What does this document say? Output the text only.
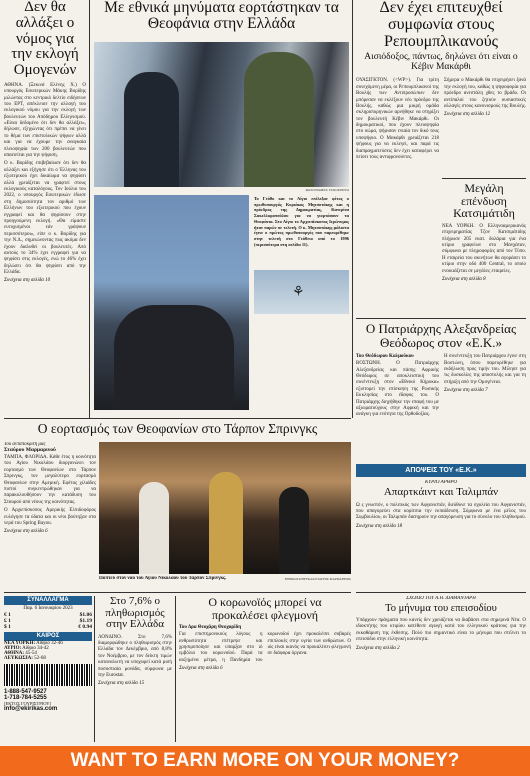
Δεν θα αλλάξει ο νόμος για την εκλογή Ομογενών

ΑΘΗΝΑ. (Ξεκινά Ελένης Χ.) Ο υπουργός Εσωτερικών Μάκης Βορίδης μιλώντας στο κεντρικό δελτίο ειδήσεων του ΕΡΤ, απέκλεισε την αλλαγή του εκλογικού νόμου για την εκλογή των βουλευτών του Απόδημου Ελληνισμού. «Είναι δεδομένο ότι δεν θα αλλάξει», δήλωσε, εξηγώντας ότι πρέπει να γίνει το θέμα των επιστολικών ψήφων αλλά και για να έχουμε την αναγκαία πλειοψηφία των 200 βουλευτών που απαιτείται για την ψήφιση.

Ο κ. Βορίδης επιβεβαίωσε ότι δεν θα αλλάξει και εξήγησε ότι ο Έλληνας του εξωτερικού έχει δικαίωμα να ψηφίσει αλλά χρειάζεται να γραφτεί στους εκλογικούς καταλόγους. Τον Ιούλιο του 2022, ο υπουργός Εσωτερικών έδωσε στη δημοσιότητα τον αριθμό των Ελλήνων του εξωτερικού που έχουν εγγραφεί και θα ψηφίσουν στην προηγούμενη εκλογή. «Θα είμαστε ευτυχισμένοι εάν γράψουν περισσότεροι», είπε ο κ. Βορίδης για την Ν.Δ., σημειώνοντας πως ακόμα δεν έχουν διαλυθεί οι βουλευτές. Από αυτούς το 34% έχει εγγραφεί για να ψηφίσει στις εκλογές, ενώ το 46% έχει δηλώσει ότι θα ψηφίσει από την Ελλάδα.

Συνέχεια στη σελίδα 10

Με εθνικά μηνύματα εορτάστηκαν τα Θεοφάνια στην Ελλάδα
ΦΩΤΟΓΡΑΦΙΕΣ: EUROKINISSI
⚘

Το Γεύθο και το Αίγιο επέλεξαν φέτος ο πρωθυπουργός Κυριάκος Μητσοτάκης και η πρόεδρος της Δημοκρατίας, Κατερίνα Σακελλαροπούλου για να γιορτάσουν τα Θεοφάνια. Στο Αίγιο το Αρχιεπίσκοπος Ιερώνυμος ήταν παρών σε τελετή. Ο κ. Μητσοτάκης μάλιστα έγινε ο πρώτος πρωθυπουργός που παρευρέθηκε στην τελετή στο Γεύθειο από το 1996 (περισσότερα στη σελίδα 11).

Δεν έχει επιτευχθεί συμφωνία στους Ρεπουμπλικανούς

Αισιόδοξος, πάντως, δηλώνει ότι είναι ο Κέβιν Μακάρθι

ΟΥΑΣΙΓΚΤΟΝ. (<WP>). Για τρίτη συνεχόμενη μέρα, οι Ρεπουμπλικανοί της Βουλής των Αντιπροσώπων δεν μπόρεσαν να εκλέξουν νέο πρόεδρο της Βουλής, καθώς μια μικρή ομάδα σκληροπυρηνικών αρνήθηκε να στηρίξει τον βουλευτή Κέβιν Μακάρθι. Οι δημοκρατικοί, που έχουν πλειοψηφία στο σώμα, ψήφισαν ενιαία τον δικό τους υποψήφιο. Ο Μακάρθι χρειάζεται 218 ψήφους για να εκλεγεί, και παρά τις διαπραγματεύσεις δεν έχει καταφέρει να πείσει τους αντιφρονούντες.

Σήμερα ο Μακάρθι θα επιχειρήσει ξανά την εκλογή του, καθώς η ψηφοφορία για πρόεδρο ανεστάλη χθες το βράδυ. Οι αντίπαλοί του ζητούν ουσιαστικές αλλαγές στους κανονισμούς της Βουλής.

Συνέχεια στη σελίδα 12

Μεγάλη επένδυση Κατσιμάτιδη

ΝΕΑ ΥΟΡΚΗ. Ο Ελληνοαμερικανός επιχειρηματίας Τζον Κατσιμάτιδης πλήρωσε 205 εκατ. δολάρια για ένα κτίριο γραφείων στο Μανχάταν, σύμφωνα με πληροφορίες από τον Τύπο. Η εταιρεία του ακινήτων θα αγοράσει το κτίριο στην οδό 400 Central, το οποίο ενοικιάζεται σε μεγάλες εταιρείες.

Συνέχεια στη σελίδα 8

Ο Πατριάρχης Αλεξανδρείας Θεόδωρος στον «Ε.Κ.»

Του Θεόδωρου Καλμούκου

ΒΟΣΤΩΝΗ. Ο Πατριάρχης Αλεξανδρείας και πάσης Αφρικής Θεόδωρος σε αποκλειστική του συνέντευξη στον «Εθνικό Κήρυκα» εξιστορεί την επίσκεψη της Ρωσικής Εκκλησίας στο έδαφος του. Ο Πατριάρχης διηγήθηκε την επαφή του με αξιωματούχους στην Αφρική και την ανάγκη για ενότητα της Ορθοδοξίας.

Η συνέντευξη του Πατριάρχου έγινε στη Βοστώνη, όπου παρευρέθηκε για εκδήλωση προς τιμήν του. Μίλησε για τις δυσκολίες της αποστολής και για τη στήριξη από την Ομογένεια.

Συνέχεια στη σελίδα 7

Ο εορτασμός των Θεοφανίων στο Τάρπον Σπρινγκς

Του ανταποκριτή μας

Σταύρου Μαρμαρινού

ΤΑΜΠΑ, ΦΛΟΡΙΔΑ. Κάθε έτος η κοινότητα του Αγίου Νικολάου διοργανώνει τον εορτασμό των Θεοφανίων στο Τάρπον Σπρινγκς, τον μεγαλύτερο εορτασμό Θεοφανίων στην Αμερική. Εφέτος χιλιάδες πιστοί συγκεντρώθηκαν για να παρακολουθήσουν την κατάδυση του Σταυρού από νέους της κοινότητας.

Ο Αρχιεπίσκοπος Αμερικής Ελπιδοφόρος ευλόγησε τα ύδατα και οι νέοι βούτηξαν στα νερά του Spring Bayou.

Συνέχεια στη σελίδα 6

Ποπτεύ στον ναό του Αγίου Νικολάου του Τάρπον Σπρινγκς.	ΕΘΝΙΚΟΣ ΚΗΡΥΚΑΣ/ΣΤΑΥΡΟΣ ΜΑΡΜΑΡΙΝΟΣ

ΑΠΟΨΕΙΣ ΤΟΥ «Ε.Κ.»

ΚΥΡΙΟ ΑΡΘΡΟ

Απαρτκάιντ και Ταλιμπάν

Ω ς γνωστόν, ο πολιτικός των Αφγανιστάν, διεύθυνε τα σχολεία του Αφγανιστάν, που απαγορεύει στα κορίτσια την εκπαίδευση. Σύμφωνα με ένα μέλος του Συμβουλίου, οι Ταλιμπάν διατηρούν την απαγόρευση για το σύνολο του πληθυσμού.

Συνέχεια στη σελίδα 18

ΣΥΝΑΛΛΑΓΜΑ
Παρ. 6 Ιανουαρίου 2023
€ 1	$1.06
£ 1	$1.19
$ 1	€ 0.94
ΚΑΙΡΟΣ
ΝΕΑ ΥΟΡΚΗ: Αίθριο 32-46
ΑΥΡΙΟ: Αίθριο 34-42
ΑΘΗΝΑ: 45-54
ΛΕΥΚΩΣΙΑ: 52-68
1-888-547-9527
1-718-784-5255
[ΕΚΤΟΣ ΓΟΥΡΙΣΤΡΙΟΥ]
info@ekirikas.com
Στο 7,6% ο πληθωρισμός στην Ελλάδα

ΛΟΝΔΙΝΟ. Στο 7,6% διαμορφώθηκε ο πληθωρισμός στην Ελλάδα τον Δεκέμβριο, από 8,8% τον Νοέμβριο, με τον δείκτη τιμών καταναλωτή να υποχωρεί κατά μισή ποσοστιαία μονάδα, σύμφωνα με την Eurostat.

Συνέχεια στη σελίδα 15

Ο κορωνοϊός μπορεί να προκαλέσει φλεγμονή

Του Δρα Θεοχάρη Θεοχαρίδη

Για επιστημονικούς λόγους η ανθρωπότητα επέτρεψε και χρησιμοποίησε και υπαρξαν στο ιό εμβόλιο του κορωνοϊού. Παρά τα αυξημένα μέτρα, η Πανδημία του κορωνοϊού έχει προκαλέσει σοβαρές επιπλοκές στην υγεία των ανθρώπων. Ο ιός είναι ικανός να προκαλέσει φλεγμονή σε διάφορα όργανα.

Συνέχεια στη σελίδα 6

ΣΧΟΛΙΟ ΤΟΥ Α.Η. ΔΙΑΜΑΝΤΑΡΗ

Το μήνυμα του επεισοδίου

Υπάρχουν πράγματα που κανείς δεν χρειάζεται να διαβάσει στα σημερινά Νέα. Ο ιδιοκτήτης του κτιρίου κατέθεσε αγωγή κατά του ελληνικού κράτους για την εκκαθάριση της έκθεσης. Πολύ πιο σημαντικό είναι το μήνυμα που στέλνει το επεισόδιο στην ελληνική κοινότητα.

Συνέχεια στη σελίδα 2

WANT TO EARN MORE ON YOUR MONEY?
